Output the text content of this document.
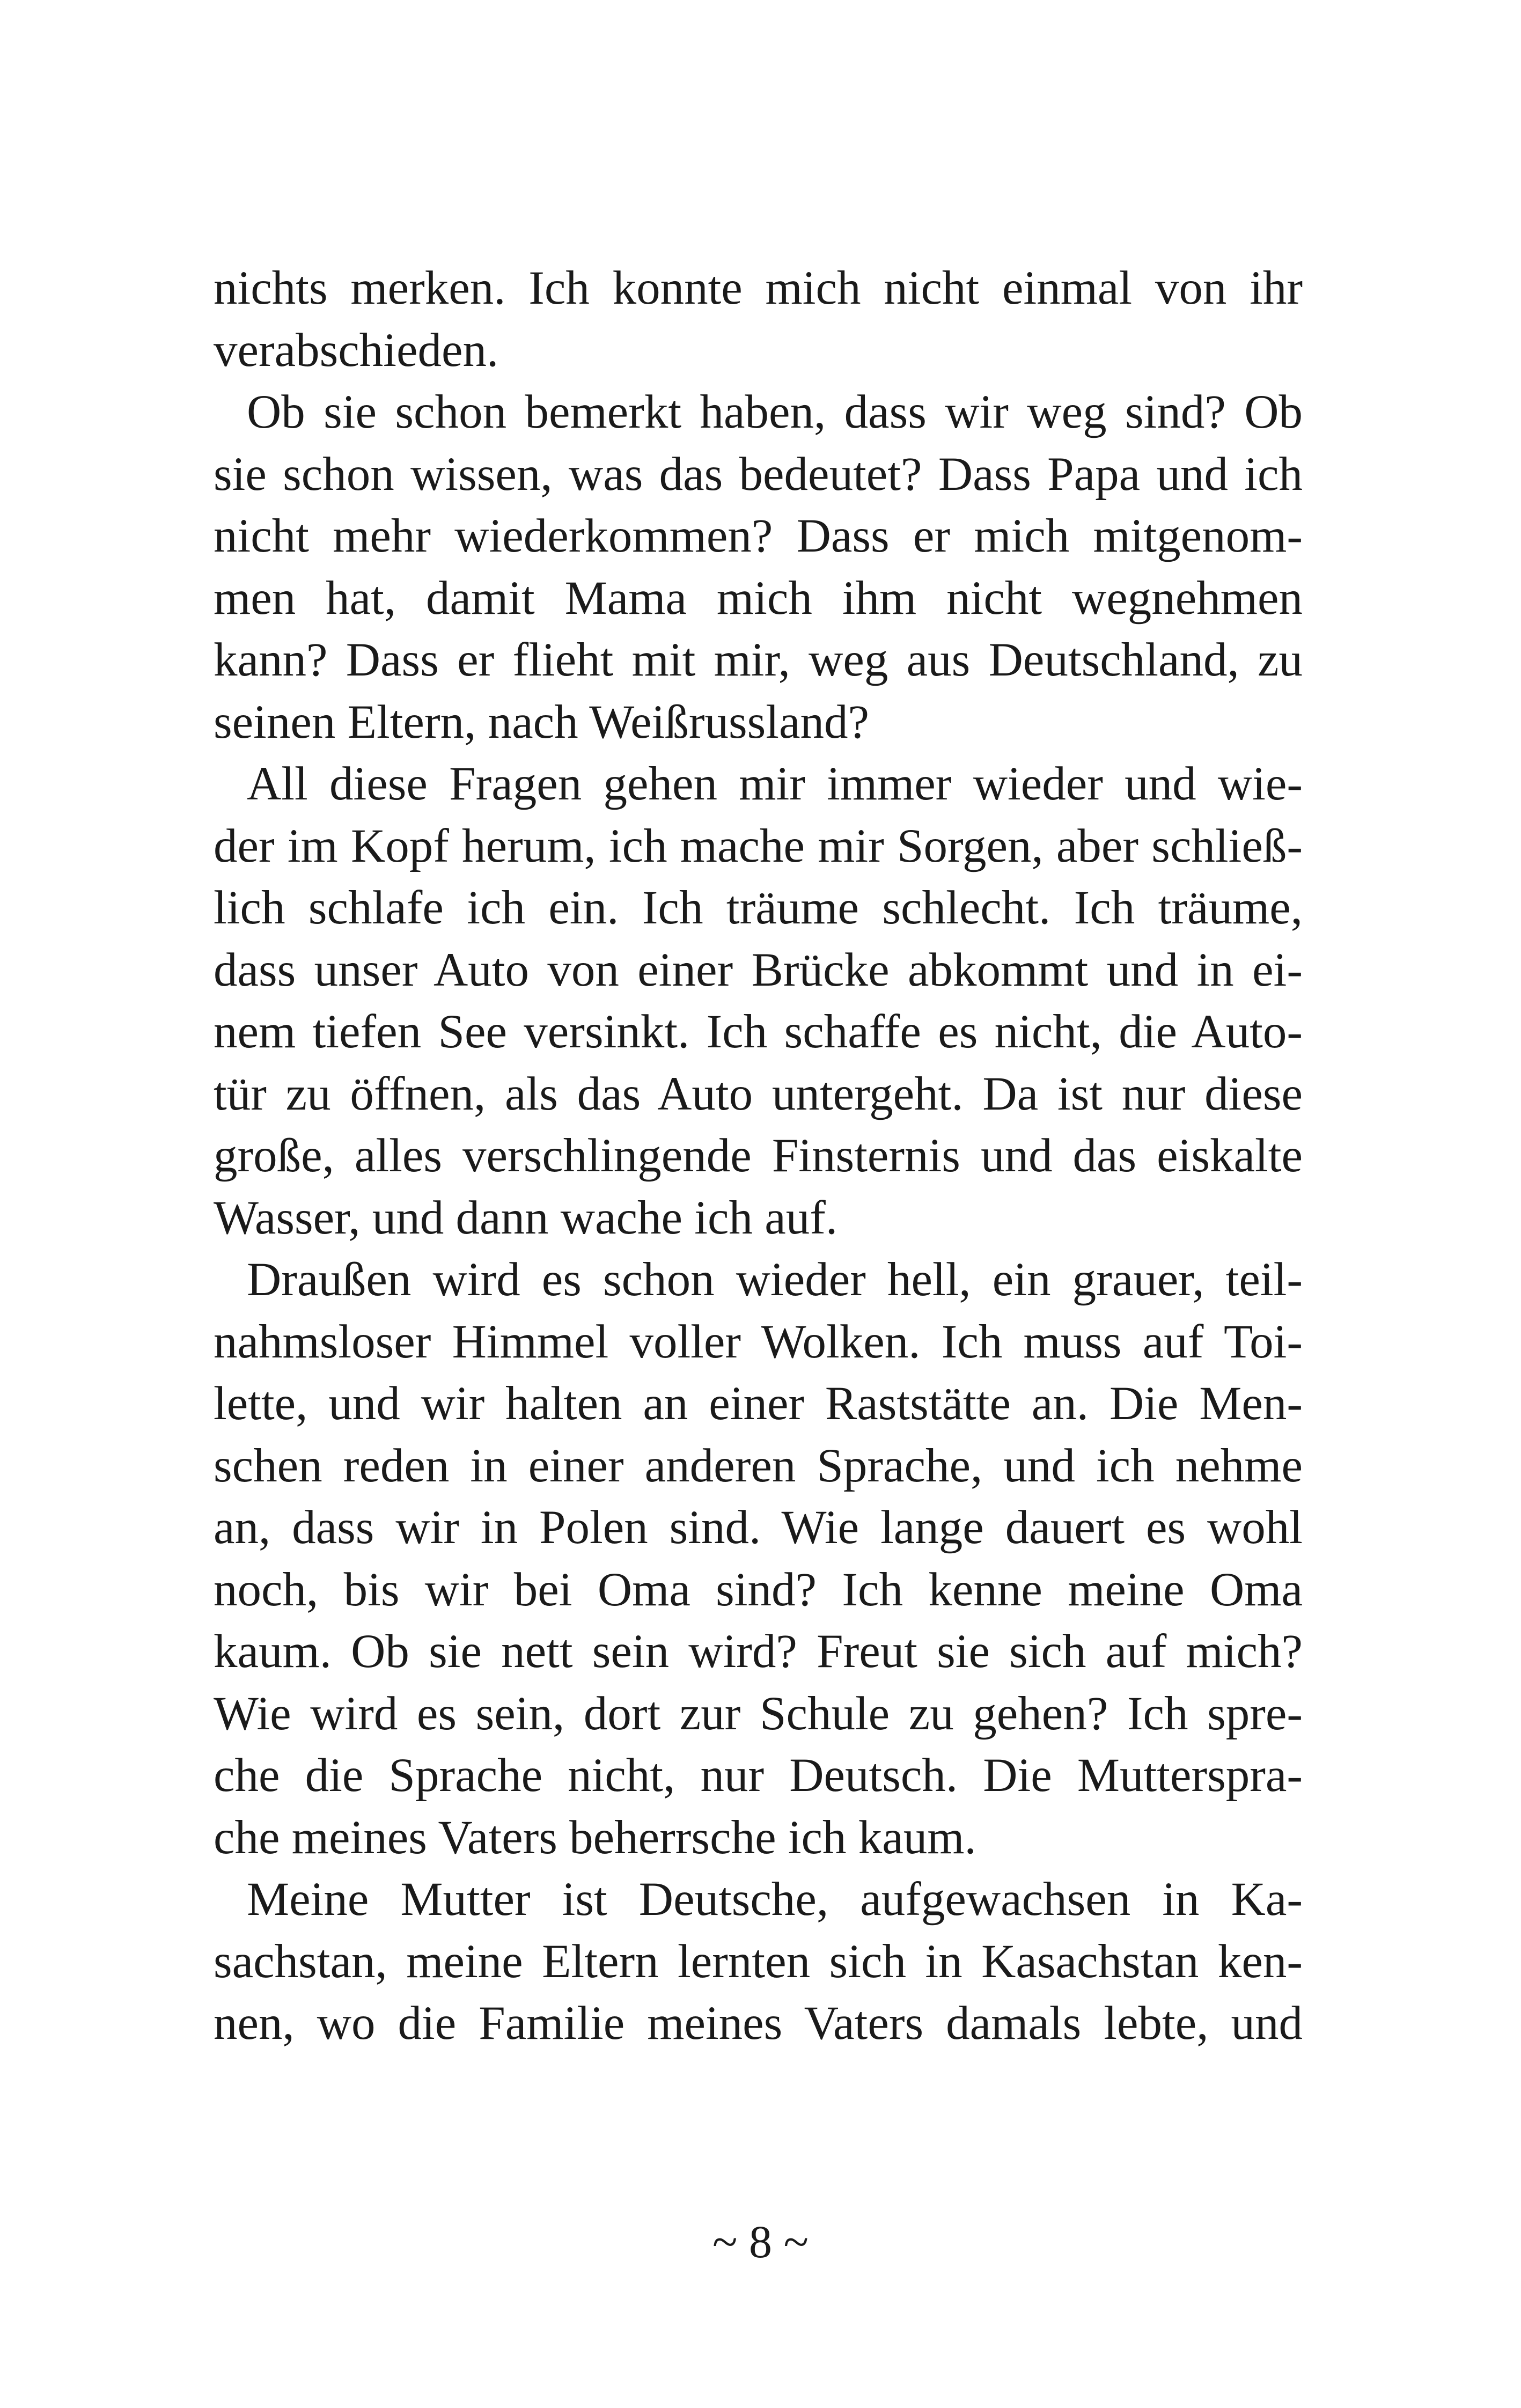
nichts merken. Ich konnte mich nicht einmal von ihr
verabschieden.
Ob sie schon bemerkt haben, dass wir weg sind? Ob
sie schon wissen, was das bedeutet? Dass Papa und ich
nicht mehr wiederkommen? Dass er mich mitgenom-
men hat, damit Mama mich ihm nicht wegnehmen
kann? Dass er flieht mit mir, weg aus Deutschland, zu
seinen Eltern, nach Weißrussland?
All diese Fragen gehen mir immer wieder und wie-
der im Kopf herum, ich mache mir Sorgen, aber schließ-
lich schlafe ich ein. Ich träume schlecht. Ich träume,
dass unser Auto von einer Brücke abkommt und in ei-
nem tiefen See versinkt. Ich schaffe es nicht, die Auto-
tür zu öffnen, als das Auto untergeht. Da ist nur diese
große, alles verschlingende Finsternis und das eiskalte
Wasser, und dann wache ich auf.
Draußen wird es schon wieder hell, ein grauer, teil-
nahmsloser Himmel voller Wolken. Ich muss auf Toi-
lette, und wir halten an einer Raststätte an. Die Men-
schen reden in einer anderen Sprache, und ich nehme
an, dass wir in Polen sind. Wie lange dauert es wohl
noch, bis wir bei Oma sind? Ich kenne meine Oma
kaum. Ob sie nett sein wird? Freut sie sich auf mich?
Wie wird es sein, dort zur Schule zu gehen? Ich spre-
che die Sprache nicht, nur Deutsch. Die Mutterspra-
che meines Vaters beherrsche ich kaum.
Meine Mutter ist Deutsche, aufgewachsen in Ka-
sachstan, meine Eltern lernten sich in Kasachstan ken-
nen, wo die Familie meines Vaters damals lebte, und
~ 8 ~
